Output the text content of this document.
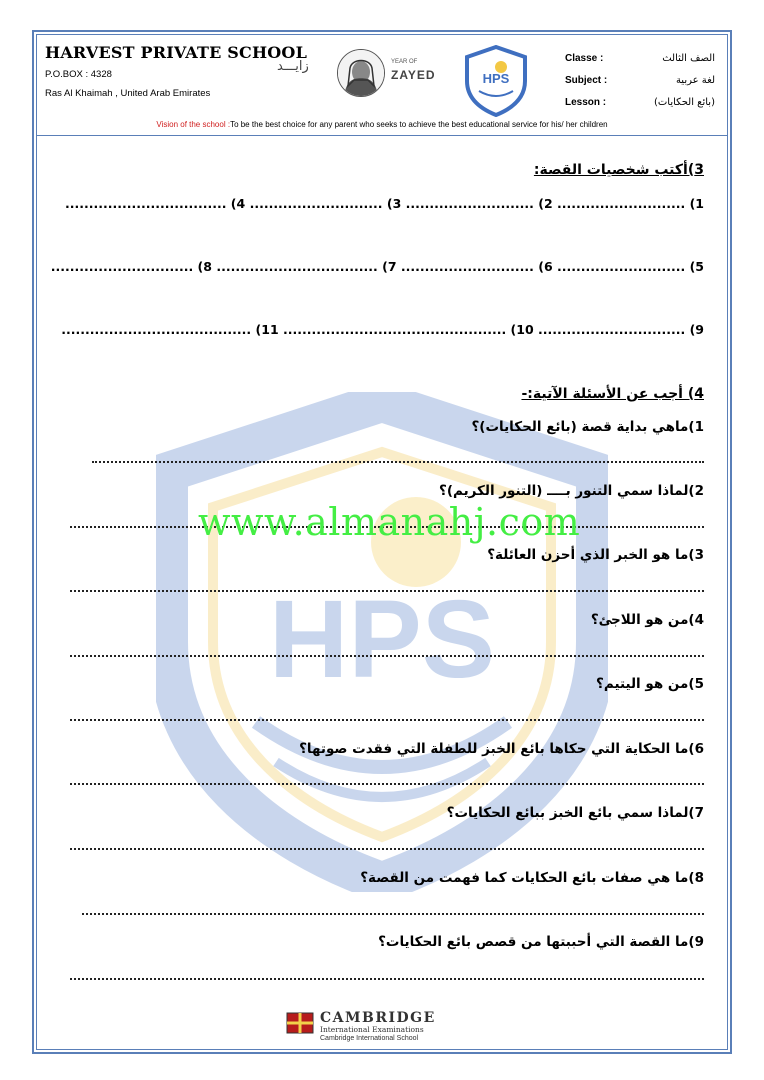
HPS
HARVEST PRIVATE SCHOOL
P.O.BOX : 4328
Ras Al Khaimah , United Arab Emirates
زايـــد	YEAR OF
ZAYED	HPS
Classe :	الصف الثالث
Subject :	لغة عربية
Lesson :	(بائع الحكايات)
Vision of the school :To be the best choice for any parent who seeks to achieve the best educational service for his/ her children
3)أكتب شخصيات القصة:
1) ........................... 2) ........................... 3) ............................ 4) ..................................
5) ........................... 6) ............................ 7) .................................. 8) ..............................
9) ............................... 10) ............................................... 11) ........................................
4) أجب عن الأسئلة الآتية:-
1)ماهي بداية قصة (بائع الحكايات)؟
2)لماذا سمي التنور بــــ (التنور الكريم)؟
3)ما هو الخبر الذي أحزن العائلة؟
4)من هو اللاجئ؟
5)من هو اليتيم؟
6)ما الحكاية التي حكاها بائع الخبز للطفلة التي فقدت صوتها؟
7)لماذا سمي بائع الخبز ببائع الحكايات؟
8)ما هي صفات بائع الحكايات كما فهمت من القصة؟
9)ما القصة التي أحببتها من قصص بائع الحكايات؟
www.almanahj.com
CAMBRIDGE
International Examinations
Cambridge International School
